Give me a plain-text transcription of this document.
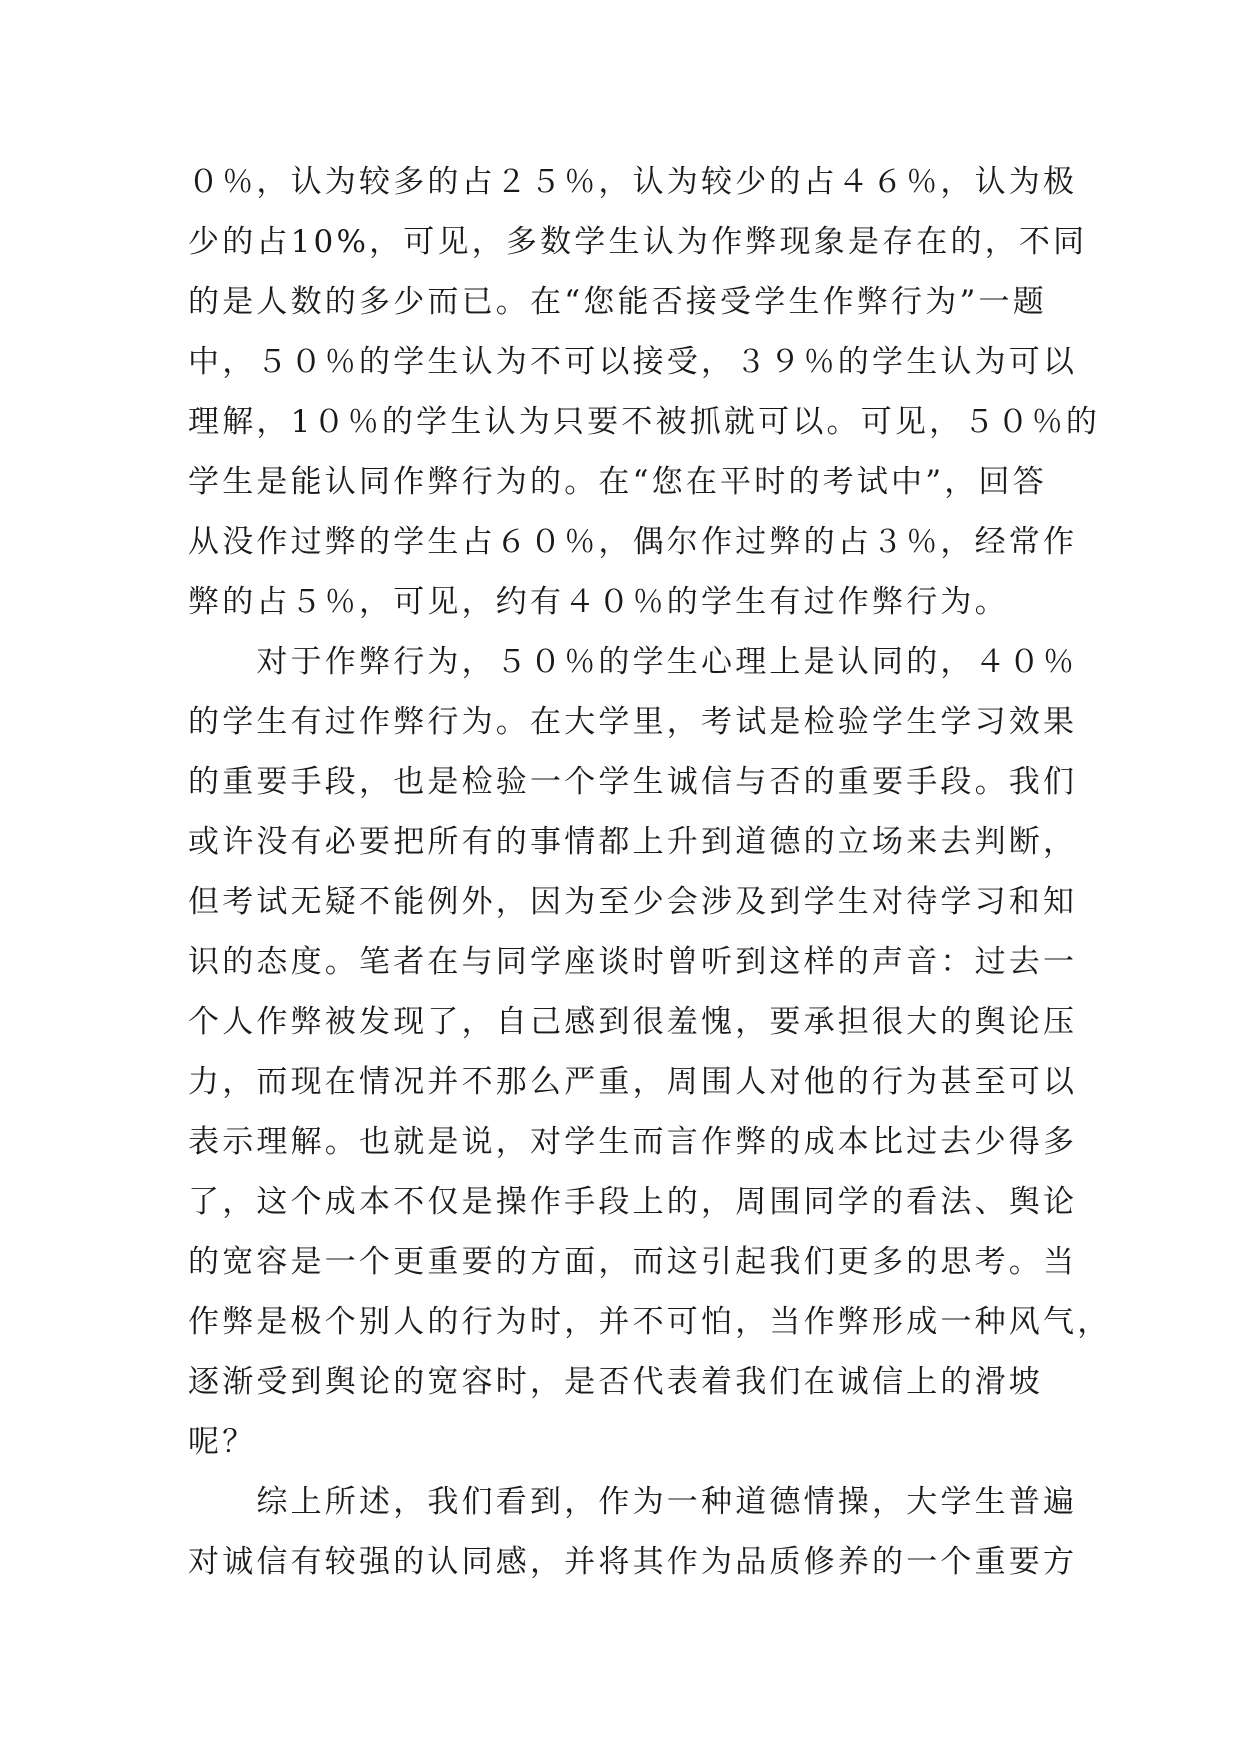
０％，认为较多的占２５％，认为较少的占４６％，认为极
少的占10%，可见，多数学生认为作弊现象是存在的，不同
的是人数的多少而已。在“您能否接受学生作弊行为”一题
中，５０％的学生认为不可以接受，３９％的学生认为可以
理解，1０％的学生认为只要不被抓就可以。可见，５０％的
学生是能认同作弊行为的。在“您在平时的考试中”，回答
从没作过弊的学生占６０％，偶尔作过弊的占３％，经常作
弊的占５％，可见，约有４０％的学生有过作弊行为。
　　对于作弊行为，５０％的学生心理上是认同的，４０％
的学生有过作弊行为。在大学里，考试是检验学生学习效果
的重要手段，也是检验一个学生诚信与否的重要手段。我们
或许没有必要把所有的事情都上升到道德的立场来去判断，
但考试无疑不能例外，因为至少会涉及到学生对待学习和知
识的态度。笔者在与同学座谈时曾听到这样的声音：过去一
个人作弊被发现了，自己感到很羞愧，要承担很大的舆论压
力，而现在情况并不那么严重，周围人对他的行为甚至可以
表示理解。也就是说，对学生而言作弊的成本比过去少得多
了，这个成本不仅是操作手段上的，周围同学的看法、舆论
的宽容是一个更重要的方面，而这引起我们更多的思考。当
作弊是极个别人的行为时，并不可怕，当作弊形成一种风气，
逐渐受到舆论的宽容时，是否代表着我们在诚信上的滑坡
呢？
　　综上所述，我们看到，作为一种道德情操，大学生普遍
对诚信有较强的认同感，并将其作为品质修养的一个重要方
